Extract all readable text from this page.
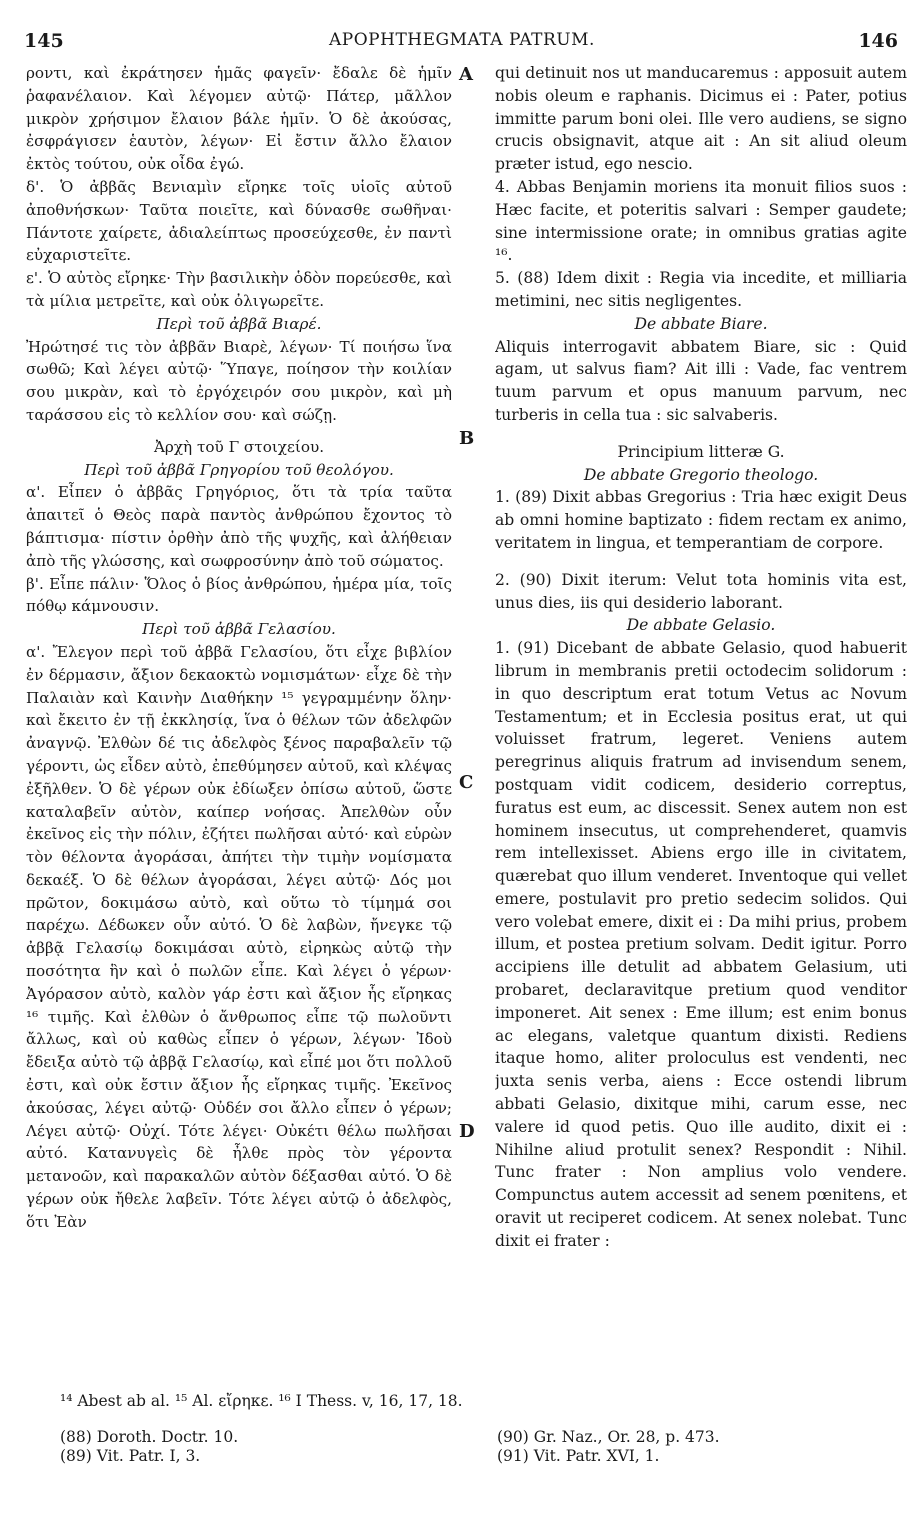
145	APOPHTHEGMATA PATRUM.	146

ροντι, καὶ ἐκράτησεν ἡμᾶς φαγεῖν· ἔδαλε δὲ ἡμῖν ῥαφανέλαιον. Καὶ λέγομεν αὐτῷ· Πάτερ, μᾶλλον μικρὸν χρήσιμον ἔλαιον βάλε ἡμῖν. Ὁ δὲ ἀκούσας, ἐσφράγισεν ἑαυτὸν, λέγων· Εἰ ἔστιν ἄλλο ἔλαιον ἐκτὸς τούτου, οὐκ οἶδα ἐγώ.

δ'. Ὁ ἀββᾶς Βενιαμὶν εἴρηκε τοῖς υἱοῖς αὐτοῦ ἀποθνήσκων· Ταῦτα ποιεῖτε, καὶ δύνασθε σωθῆναι· Πάντοτε χαίρετε, ἀδιαλείπτως προσεύχεσθε, ἐν παντὶ εὐχαριστεῖτε.

ε'. Ὁ αὐτὸς εἴρηκε· Τὴν βασιλικὴν ὁδὸν πορεύεσθε, καὶ τὰ μίλια μετρεῖτε, καὶ οὐκ ὀλιγωρεῖτε.

Περὶ τοῦ ἀββᾶ Βιαρέ.

Ἠρώτησέ τις τὸν ἀββᾶν Βιαρὲ, λέγων· Τί ποιήσω ἵνα σωθῶ; Καὶ λέγει αὐτῷ· Ὕπαγε, ποίησον τὴν κοιλίαν σου μικρὰν, καὶ τὸ ἐργόχειρόν σου μικρὸν, καὶ μὴ ταράσσου εἰς τὸ κελλίον σου· καὶ σώζῃ.

Ἀρχὴ τοῦ Γ στοιχείου.

Περὶ τοῦ ἀββᾶ Γρηγορίου τοῦ θεολόγου.

α'. Εἶπεν ὁ ἀββᾶς Γρηγόριος, ὅτι τὰ τρία ταῦτα ἀπαιτεῖ ὁ Θεὸς παρὰ παντὸς ἀνθρώπου ἔχοντος τὸ βάπτισμα· πίστιν ὀρθὴν ἀπὸ τῆς ψυχῆς, καὶ ἀλήθειαν ἀπὸ τῆς γλώσσης, καὶ σωφροσύνην ἀπὸ τοῦ σώματος.

β'. Εἶπε πάλιν· Ὅλος ὁ βίος ἀνθρώπου, ἡμέρα μία, τοῖς πόθῳ κάμνουσιν.

Περὶ τοῦ ἀββᾶ Γελασίου.

α'. Ἔλεγον περὶ τοῦ ἀββᾶ Γελασίου, ὅτι εἶχε βιβλίον ἐν δέρμασιν, ἄξιον δεκαοκτὼ νομισμάτων· εἶχε δὲ τὴν Παλαιὰν καὶ Καινὴν Διαθήκην ¹⁵ γεγραμμένην ὅλην· καὶ ἔκειτο ἐν τῇ ἐκκλησίᾳ, ἵνα ὁ θέλων τῶν ἀδελφῶν ἀναγνῷ. Ἐλθὼν δέ τις ἀδελφὸς ξένος παραβαλεῖν τῷ γέροντι, ὡς εἶδεν αὐτὸ, ἐπεθύμησεν αὐτοῦ, καὶ κλέψας ἐξῆλθεν. Ὁ δὲ γέρων οὐκ ἐδίωξεν ὀπίσω αὐτοῦ, ὥστε καταλαβεῖν αὐτὸν, καίπερ νοήσας. Ἀπελθὼν οὖν ἐκεῖνος εἰς τὴν πόλιν, ἐζήτει πωλῆσαι αὐτό· καὶ εὑρὼν τὸν θέλοντα ἀγοράσαι, ἀπήτει τὴν τιμὴν νομίσματα δεκαέξ. Ὁ δὲ θέλων ἀγοράσαι, λέγει αὐτῷ· Δός μοι πρῶτον, δοκιμάσω αὐτὸ, καὶ οὕτω τὸ τίμημά σοι παρέχω. Δέδωκεν οὖν αὐτό. Ὁ δὲ λαβὼν, ἤνεγκε τῷ ἀββᾷ Γελασίῳ δοκιμάσαι αὐτὸ, εἰρηκὼς αὐτῷ τὴν ποσότητα ἣν καὶ ὁ πωλῶν εἶπε. Καὶ λέγει ὁ γέρων· Ἀγόρασον αὐτὸ, καλὸν γάρ ἐστι καὶ ἄξιον ἧς εἴρηκας ¹⁶ τιμῆς. Καὶ ἐλθὼν ὁ ἄνθρωπος εἶπε τῷ πωλοῦντι ἄλλως, καὶ οὐ καθὼς εἶπεν ὁ γέρων, λέγων· Ἰδοὺ ἔδειξα αὐτὸ τῷ ἀββᾷ Γελασίῳ, καὶ εἶπέ μοι ὅτι πολλοῦ ἐστι, καὶ οὐκ ἔστιν ἄξιον ἧς εἴρηκας τιμῆς. Ἐκεῖνος ἀκούσας, λέγει αὐτῷ· Οὐδέν σοι ἄλλο εἶπεν ὁ γέρων; Λέγει αὐτῷ· Οὐχί. Τότε λέγει· Οὐκέτι θέλω πωλῆσαι αὐτό. Κατανυγεὶς δὲ ἦλθε πρὸς τὸν γέροντα μετανοῶν, καὶ παρακαλῶν αὐτὸν δέξασθαι αὐτό. Ὁ δὲ γέρων οὐκ ἤθελε λαβεῖν. Τότε λέγει αὐτῷ ὁ ἀδελφὸς, ὅτι Ἐὰν

A
B
C
D

qui detinuit nos ut manducaremus : apposuit autem nobis oleum e raphanis. Dicimus ei : Pater, potius immitte parum boni olei. Ille vero audiens, se signo crucis obsignavit, atque ait : An sit aliud oleum præter istud, ego nescio.

4. Abbas Benjamin moriens ita monuit filios suos : Hæc facite, et poteritis salvari : Semper gaudete; sine intermissione orate; in omnibus gratias agite ¹⁶.

5. (88) Idem dixit : Regia via incedite, et milliaria metimini, nec sitis negligentes.

De abbate Biare.

Aliquis interrogavit abbatem Biare, sic : Quid agam, ut salvus fiam? Ait illi : Vade, fac ventrem tuum parvum et opus manuum parvum, nec turberis in cella tua : sic salvaberis.

Principium litteræ G.

De abbate Gregorio theologo.

1. (89) Dixit abbas Gregorius : Tria hæc exigit Deus ab omni homine baptizato : fidem rectam ex animo, veritatem in lingua, et temperantiam de corpore.

2. (90) Dixit iterum: Velut tota hominis vita est, unus dies, iis qui desiderio laborant.

De abbate Gelasio.

1. (91) Dicebant de abbate Gelasio, quod habuerit librum in membranis pretii octodecim solidorum : in quo descriptum erat totum Vetus ac Novum Testamentum; et in Ecclesia positus erat, ut qui voluisset fratrum, legeret. Veniens autem peregrinus aliquis fratrum ad invisendum senem, postquam vidit codicem, desiderio correptus, furatus est eum, ac discessit. Senex autem non est hominem insecutus, ut comprehenderet, quamvis rem intellexisset. Abiens ergo ille in civitatem, quærebat quo illum venderet. Inventoque qui vellet emere, postulavit pro pretio sedecim solidos. Qui vero volebat emere, dixit ei : Da mihi prius, probem illum, et postea pretium solvam. Dedit igitur. Porro accipiens ille detulit ad abbatem Gelasium, uti probaret, declaravitque pretium quod venditor imponeret. Ait senex : Eme illum; est enim bonus ac elegans, valetque quantum dixisti. Rediens itaque homo, aliter proloculus est vendenti, nec juxta senis verba, aiens : Ecce ostendi librum abbati Gelasio, dixitque mihi, carum esse, nec valere id quod petis. Quo ille audito, dixit ei : Nihilne aliud protulit senex? Respondit : Nihil. Tunc frater : Non amplius volo vendere. Compunctus autem accessit ad senem pœnitens, et oravit ut reciperet codicem. At senex nolebat. Tunc dixit ei frater :

¹⁴ Abest ab al. ¹⁵ Al. εἴρηκε. ¹⁶ I Thess. v, 16, 17, 18.
(88) Doroth. Doctr. 10.
(89) Vit. Patr. I, 3.
(90) Gr. Naz., Or. 28, p. 473.
(91) Vit. Patr. XVI, 1.
